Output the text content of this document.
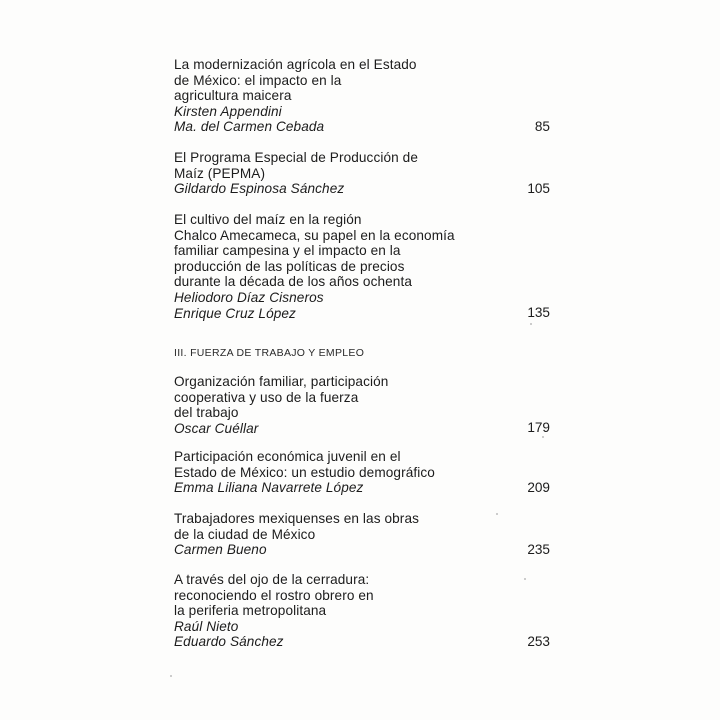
La modernización agrícola en el Estado
de México: el impacto en la
agricultura maicera
Kirsten Appendini
Ma. del Carmen Cebada	85
El Programa Especial de Producción de
Maíz (PEPMA)
Gildardo Espinosa Sánchez	105
El cultivo del maíz en la región
Chalco Amecameca, su papel en la economía
familiar campesina y el impacto en la
producción de las políticas de precios
durante la década de los años ochenta
Heliodoro Díaz Cisneros
Enrique Cruz López	135
III. FUERZA DE TRABAJO Y EMPLEO
Organización familiar, participación
cooperativa y uso de la fuerza
del trabajo
Oscar Cuéllar	179
Participación económica juvenil en el
Estado de México: un estudio demográfico
Emma Liliana Navarrete López	209
Trabajadores mexiquenses en las obras
de la ciudad de México
Carmen Bueno	235
A través del ojo de la cerradura:
reconociendo el rostro obrero en
la periferia metropolitana
Raúl Nieto
Eduardo Sánchez	253
